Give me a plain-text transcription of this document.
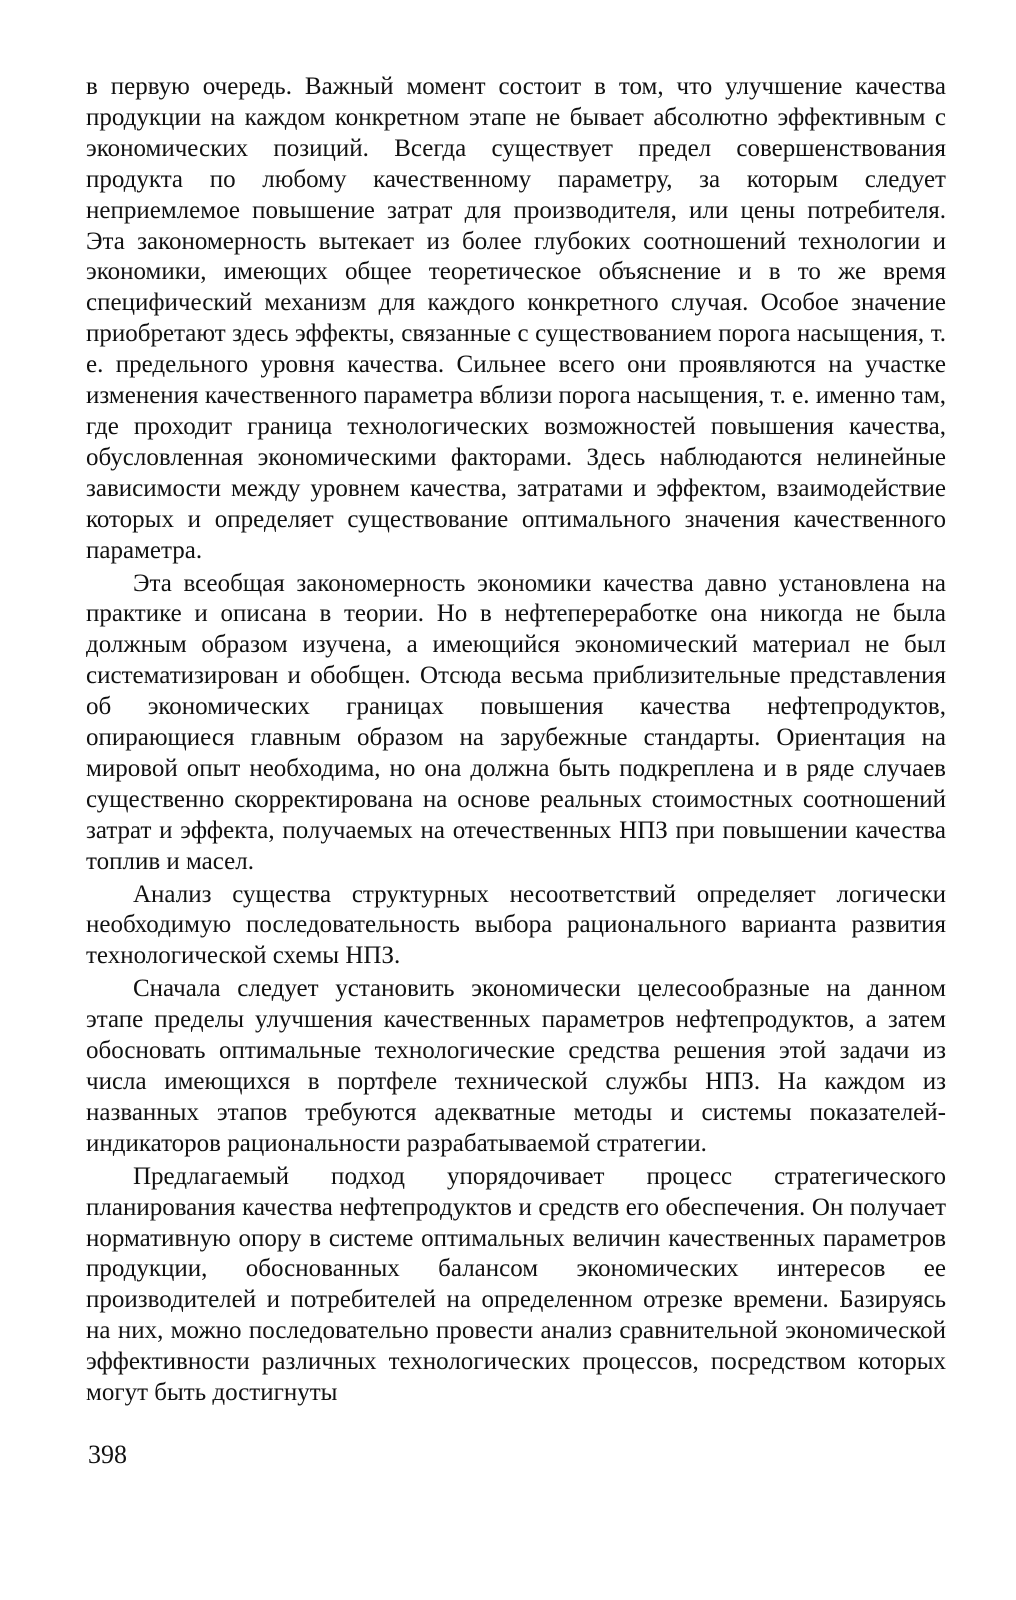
в первую очередь. Важный момент состоит в том, что улучшение качества продукции на каждом конкретном этапе не бывает абсолютно эффективным с экономических позиций. Всегда существует предел совершенствования продукта по любому качественному параметру, за которым следует неприемлемое повышение затрат для производителя, или цены потребителя. Эта закономерность вытекает из более глубоких соотношений технологии и экономики, имеющих общее теоретическое объяснение и в то же время специфический механизм для каждого конкретного случая. Особое значение приобретают здесь эффекты, связанные с существованием порога насыщения, т. е. предельного уровня качества. Сильнее всего они проявляются на участке изменения качественного параметра вблизи порога насыщения, т. е. именно там, где проходит граница технологических возможностей повышения качества, обусловленная экономическими факторами. Здесь наблюдаются нелинейные зависимости между уровнем качества, затратами и эффектом, взаимодействие которых и определяет существование оптимального значения качественного параметра.

Эта всеобщая закономерность экономики качества давно установлена на практике и описана в теории. Но в нефтепереработке она никогда не была должным образом изучена, а имеющийся экономический материал не был систематизирован и обобщен. Отсюда весьма приблизительные представления об экономических границах повышения качества нефтепродуктов, опирающиеся главным образом на зарубежные стандарты. Ориентация на мировой опыт необходима, но она должна быть подкреплена и в ряде случаев существенно скорректирована на основе реальных стоимостных соотношений затрат и эффекта, получаемых на отечественных НПЗ при повышении качества топлив и масел.

Анализ существа структурных несоответствий определяет логически необходимую последовательность выбора рационального варианта развития технологической схемы НПЗ.

Сначала следует установить экономически целесообразные на данном этапе пределы улучшения качественных параметров нефтепродуктов, а затем обосновать оптимальные технологические средства решения этой задачи из числа имеющихся в портфеле технической службы НПЗ. На каждом из названных этапов требуются адекватные методы и системы показателей-индикаторов рациональности разрабатываемой стратегии.

Предлагаемый подход упорядочивает процесс стратегического планирования качества нефтепродуктов и средств его обеспечения. Он получает нормативную опору в системе оптимальных величин качественных параметров продукции, обоснованных балансом экономических интересов ее производителей и потребителей на определенном отрезке времени. Базируясь на них, можно последовательно провести анализ сравнительной экономической эффективности различных технологических процессов, посредством которых могут быть достигнуты

398
